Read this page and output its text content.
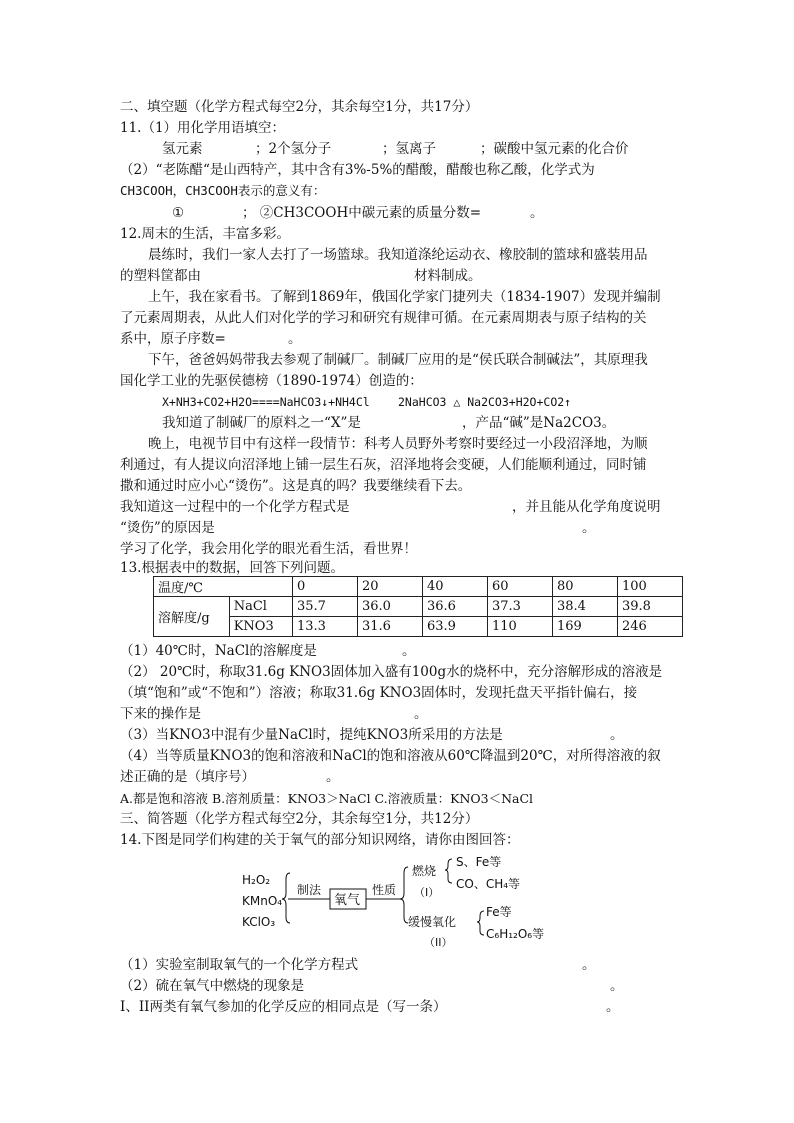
二、填空题（化学方程式每空2分，其余每空1分，共17分）
11.（1）用化学用语填空：
氢元素	；2个氢分子	；氢离子	；碳酸中氢元素的化合价
（2）“老陈醋“是山西特产，其中含有3%-5%的醋酸，醋酸也称乙酸，化学式为
CH3COOH，CH3COOH表示的意义有：
①	； ②CH3COOH中碳元素的质量分数=	。
12.周末的生活，丰富多彩。
晨练时，我们一家人去打了一场篮球。我知道涤纶运动衣、橡胶制的篮球和盛装用品
的塑料筐都由	材料制成。
上午，我在家看书。了解到1869年，俄国化学家门捷列夫（1834-1907）发现并编制
了元素周期表，从此人们对化学的学习和研究有规律可循。在元素周期表与原子结构的关
系中，原子序数=	。
下午，爸爸妈妈带我去参观了制碱厂。制碱厂应用的是“侯氏联合制碱法”，其原理我
国化学工业的先驱侯德榜（1890-1974）创造的：
X+NH3+CO2+H2O====NaHCO3↓+NH4Cl 2NaHCO3 △ Na2CO3+H2O+CO2↑
我知道了制碱厂的原料之一“X”是	，产品“碱”是Na2CO3。
晚上，电视节目中有这样一段情节：科考人员野外考察时要经过一小段沼泽地，为顺
利通过，有人提议向沼泽地上铺一层生石灰，沼泽地将会变硬，人们能顺利通过，同时铺
撒和通过时应小心“烫伤”。这是真的吗？我要继续看下去。
我知道这一过程中的一个化学方程式是	，并且能从化学角度说明
“烫伤”的原因是	。
学习了化学，我会用化学的眼光看生活，看世界！
13.根据表中的数据，回答下列问题。
温度/℃		0	20	40	60	80	100
溶解度/g	NaCl	35.7	36.0	36.6	37.3	38.4	39.8
	KNO3	13.3	31.6	63.9	110	169	246
（1）40℃时，NaCl的溶解度是	。
（2） 20℃时，称取31.6g KNO3固体加入盛有100g水的烧杯中，充分溶解形成的溶液是
（填“饱和”或“不饱和”）溶液；称取31.6g KNO3固体时，发现托盘天平指针偏右，接
下来的操作是	。
（3）当KNO3中混有少量NaCl时，提纯KNO3所采用的方法是	。
（4）当等质量KNO3的饱和溶液和NaCl的饱和溶液从60℃降温到20℃，对所得溶液的叙
述正确的是（填序号）	。
A.都是饱和溶液 B.溶剂质量：KNO3＞NaCl C.溶液质量：KNO3＜NaCl
三、简答题（化学方程式每空2分，其余每空1分，共12分）
14.下图是同学们构建的关于氧气的部分知识网络，请你由图回答：
H₂O₂
KMnO₄
KClO₃
制法
氧气
性质
燃烧
（I）
S、Fe等
CO、CH₄等
缓慢氧化
（II）
Fe等
C₆H₁₂O₆等
（1）实验室制取氧气的一个化学方程式	。
（2）硫在氧气中燃烧的现象是	。
I、II两类有氧气参加的化学反应的相同点是（写一条）	。
